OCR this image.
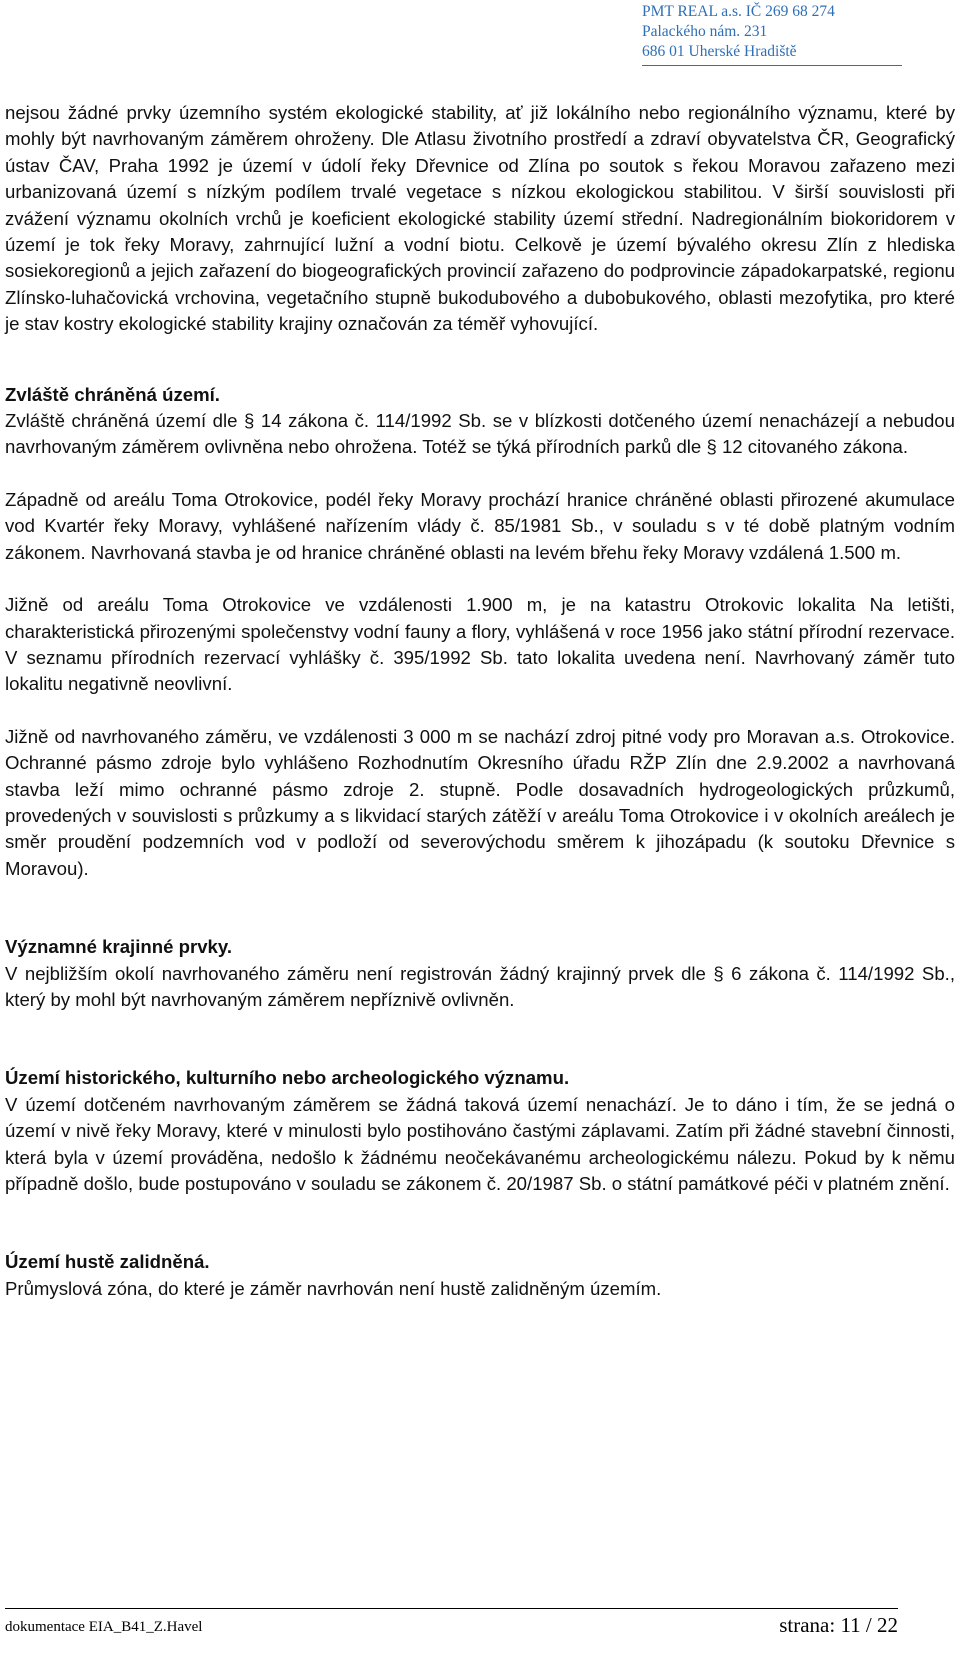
PMT REAL a.s. IČ 269 68 274
Palackého nám. 231
686 01 Uherské Hradiště

nejsou žádné prvky územního systém ekologické stability, ať již lokálního nebo regionálního významu, které by mohly být navrhovaným záměrem ohroženy. Dle Atlasu životního prostředí a zdraví obyvatelstva ČR, Geografický ústav ČAV, Praha 1992 je území v údolí řeky Dřevnice od Zlína po soutok s řekou Moravou zařazeno mezi urbanizovaná území s nízkým podílem trvalé vegetace s nízkou ekologickou stabilitou. V širší souvislosti při zvážení významu okolních vrchů je koeficient ekologické stability území střední. Nadregionálním biokoridorem v území je tok řeky Moravy, zahrnující lužní a vodní biotu. Celkově je území bývalého okresu Zlín z hlediska sosiekoregionů a jejich zařazení do biogeografických provincií zařazeno do podprovincie západokarpatské, regionu Zlínsko-luhačovická vrchovina, vegetačního stupně bukodubového a dubobukového, oblasti mezofytika, pro které je stav kostry ekologické stability krajiny označován za téměř vyhovující.

Zvláště chráněná území.

Zvláště chráněná území dle § 14 zákona č. 114/1992 Sb. se v blízkosti dotčeného území nenacházejí a nebudou navrhovaným záměrem ovlivněna nebo ohrožena. Totéž se týká přírodních parků dle § 12 citovaného zákona.

Západně od areálu Toma Otrokovice, podél řeky Moravy prochází hranice chráněné oblasti přirozené akumulace vod Kvartér řeky Moravy, vyhlášené nařízením vlády č. 85/1981 Sb., v souladu s v té době platným vodním zákonem. Navrhovaná stavba je od hranice chráněné oblasti na levém břehu řeky Moravy vzdálená 1.500 m.

Jižně od areálu Toma Otrokovice ve vzdálenosti 1.900 m, je na katastru Otrokovic lokalita Na letišti, charakteristická přirozenými společenstvy vodní fauny a flory, vyhlášená v roce 1956 jako státní přírodní rezervace. V seznamu přírodních rezervací vyhlášky č. 395/1992 Sb. tato lokalita uvedena není. Navrhovaný záměr tuto lokalitu negativně neovlivní.

Jižně od navrhovaného záměru, ve vzdálenosti 3 000 m se nachází zdroj pitné vody pro Moravan a.s. Otrokovice. Ochranné pásmo zdroje bylo vyhlášeno Rozhodnutím Okresního úřadu RŽP Zlín dne 2.9.2002 a navrhovaná stavba leží mimo ochranné pásmo zdroje 2. stupně. Podle dosavadních hydrogeologických průzkumů, provedených v souvislosti s průzkumy a s likvidací starých zátěží v areálu Toma Otrokovice i v okolních areálech je směr proudění podzemních vod v podloží od severovýchodu směrem k jihozápadu (k soutoku Dřevnice s Moravou).

Významné krajinné prvky.

V nejbližším okolí navrhovaného záměru není registrován žádný krajinný prvek dle § 6 zákona č. 114/1992 Sb., který by mohl být navrhovaným záměrem nepříznivě ovlivněn.

Území historického, kulturního nebo archeologického významu.

V území dotčeném navrhovaným záměrem se žádná taková území nenachází. Je to dáno i tím, že se jedná o území v nivě řeky Moravy, které v minulosti bylo postihováno častými záplavami. Zatím při žádné stavební činnosti, která byla v území prováděna, nedošlo k žádnému neočekávanému archeologickému nálezu. Pokud by k němu případně došlo, bude postupováno v souladu se zákonem č. 20/1987 Sb. o státní památkové péči v platném znění.

Území hustě zalidněná.

Průmyslová zóna, do které je záměr navrhován není hustě zalidněným územím.

dokumentace EIA_B41_Z.Havel	strana: 11 / 22
